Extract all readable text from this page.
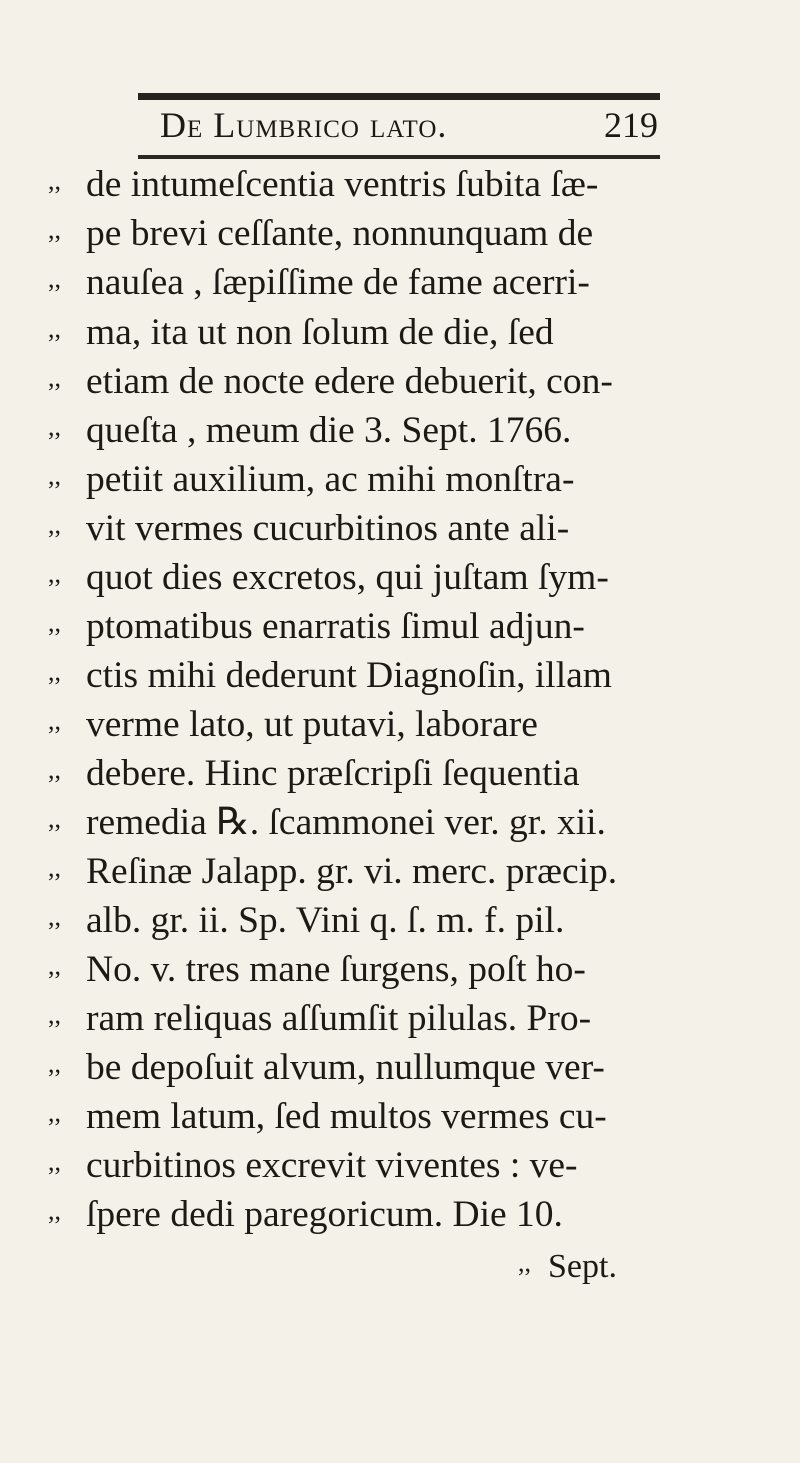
De Lumbrico lato.	219
,, de intumeſcentia ventris ſubita ſæ-
,, pe brevi ceſſante, nonnunquam de
,, nauſea , ſæpiſſime de fame acerri-
,, ma, ita ut non ſolum de die, ſed
,, etiam de nocte edere debuerit, con-
,, queſta , meum die 3. Sept. 1766.
,, petiit auxilium, ac mihi monſtra-
,, vit vermes cucurbitinos ante ali-
,, quot dies excretos, qui juſtam ſym-
,, ptomatibus enarratis ſimul adjun-
,, ctis mihi dederunt Diagnoſin, illam
,, verme lato, ut putavi, laborare
,, debere. Hinc præſcripſi ſequentia
,, remedia ℞. ſcammonei ver. gr. xii.
,, Reſinæ Jalapp. gr. vi. merc. præcip.
,, alb. gr. ii. Sp. Vini q. ſ. m. f. pil.
,, No. v. tres mane ſurgens, poſt ho-
,, ram reliquas aſſumſit pilulas. Pro-
,, be depoſuit alvum, nullumque ver-
,, mem latum, ſed multos vermes cu-
,, curbitinos excrevit viventes : ve-
,, ſpere dedi paregoricum. Die 10.
,, Sept.
